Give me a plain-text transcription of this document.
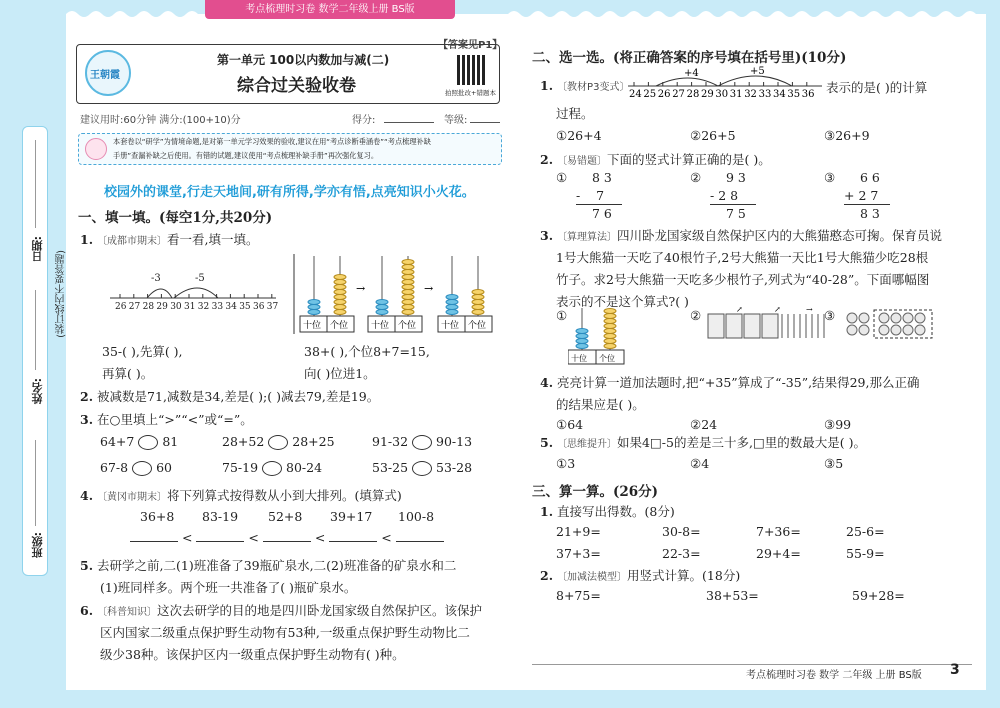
考点梳理时习卷 数学二年级上册 BS版
日期:
姓名:
班级:
(装订线内不要答题)
【答案见P1】
王朝霞
第一单元 100以内数加与减(二)
综合过关验收卷	拍照批改+错题本
建议用时:60分钟 满分:(100+10)分	得分:	等级:
本套卷以“研学”为情境命题,是对第一单元学习效果的验收,建议在用“考点诊断垂涵卷”“考点梳理补缺
手册”查漏补缺之后使用。有错的试题,建议使用“考点梳理补缺手册”再次强化复习。
校园外的课堂,行走天地间,研有所得,学亦有悟,点亮知识小火花。
一、填一填。(每空1分,共20分)
1. 〔成都市期末〕看一看,填一填。
-3	-5
26 27 28 29 30 31 32 33 34 35 36 37
十位 个位	十位 个位	十位 个位
→	→
35-( ),先算( ),
再算( )。
38+( ),个位8+7=15,
向( )位进1。
2. 被减数是71,减数是34,差是( );( )减去79,差是19。
3. 在○里填上“>”“<”或“=”。
64+7 81	28+52 28+25	91-32 90-13
67-8 60	75-19 80-24	53-25 53-28
4. 〔黄冈市期末〕将下列算式按得数从小到大排列。(填算式)
36+8 83-19 52+8 39+17 100-8
<	<	<	<
5. 去研学之前,二(1)班准备了39瓶矿泉水,二(2)班准备的矿泉水和二
(1)班同样多。两个班一共准备了( )瓶矿泉水。
6. 〔科普知识〕这次去研学的目的地是四川卧龙国家级自然保护区。该保护
区内国家二级重点保护野生动物有53种,一级重点保护野生动物比二
级少38种。该保护区内一级重点保护野生动物有( )种。
二、选一选。(将正确答案的序号填在括号里)(10分)
1. 〔教材P3变式〕
+4	+5
24 25 26 27 28 29 30 31 32 33 34 35 36 表示的是( )的计算
过程。
①26+4	②26+5	③26+9
2. 〔易错题〕下面的竖式计算正确的是( )。
① 8 3
-    7
7 6
② 9 3
- 2 8
7 5
③ 6 6
+ 2 7
8 3
3. 〔算理算法〕四川卧龙国家级自然保护区内的大熊猫憨态可掬。保育员说
1号大熊猫一天吃了40根竹子,2号大熊猫一天比1号大熊猫少吃28根
竹子。求2号大熊猫一天吃多少根竹子,列式为“40-28”。下面哪幅图
表示的不是这个算式?( )
①
十位 个位
②	↗	↗	→ ③
4. 亮亮计算一道加法题时,把“+35”算成了“-35”,结果得29,那么正确
的结果应是( )。
①64	②24	③99
5. 〔思维提升〕如果4□-5的差是三十多,□里的数最大是( )。
①3	②4	③5
三、算一算。(26分)
1. 直接写出得数。(8分)
21+9=	30-8=	7+36=	25-6=
37+3=	22-3=	29+4=	55-9=
2. 〔加减法模型〕用竖式计算。(18分)
8+75=	38+53=	59+28=
考点梳理时习卷 数学 二年级 上册 BS版 3
